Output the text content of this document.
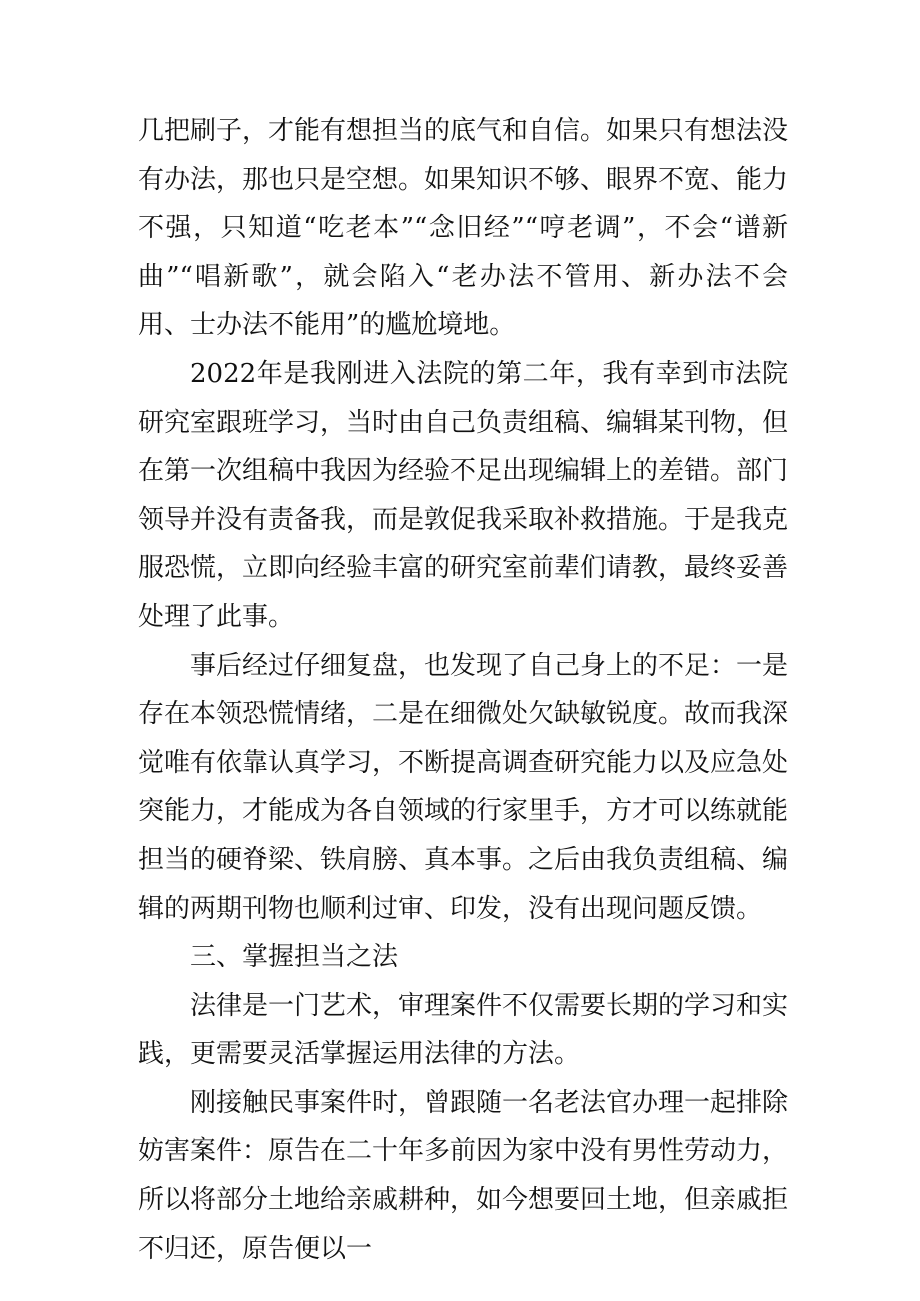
几把刷子，才能有想担当的底气和自信。如果只有想法没有办法，那也只是空想。如果知识不够、眼界不宽、能力不强，只知道“吃老本”“念旧经”“哼老调”，不会“谱新曲”“唱新歌”，就会陷入“老办法不管用、新办法不会用、士办法不能用”的尴尬境地。

2022年是我刚进入法院的第二年，我有幸到市法院研究室跟班学习，当时由自己负责组稿、编辑某刊物，但在第一次组稿中我因为经验不足出现编辑上的差错。部门领导并没有责备我，而是敦促我采取补救措施。于是我克服恐慌，立即向经验丰富的研究室前辈们请教，最终妥善处理了此事。

事后经过仔细复盘，也发现了自己身上的不足：一是存在本领恐慌情绪，二是在细微处欠缺敏锐度。故而我深觉唯有依靠认真学习，不断提高调查研究能力以及应急处突能力，才能成为各自领域的行家里手，方才可以练就能担当的硬脊梁、铁肩膀、真本事。之后由我负责组稿、编辑的两期刊物也顺利过审、印发，没有出现问题反馈。

三、掌握担当之法

法律是一门艺术，审理案件不仅需要长期的学习和实践，更需要灵活掌握运用法律的方法。

刚接触民事案件时，曾跟随一名老法官办理一起排除妨害案件：原告在二十年多前因为家中没有男性劳动力，所以将部分土地给亲戚耕种，如今想要回土地，但亲戚拒不归还，原告便以一
